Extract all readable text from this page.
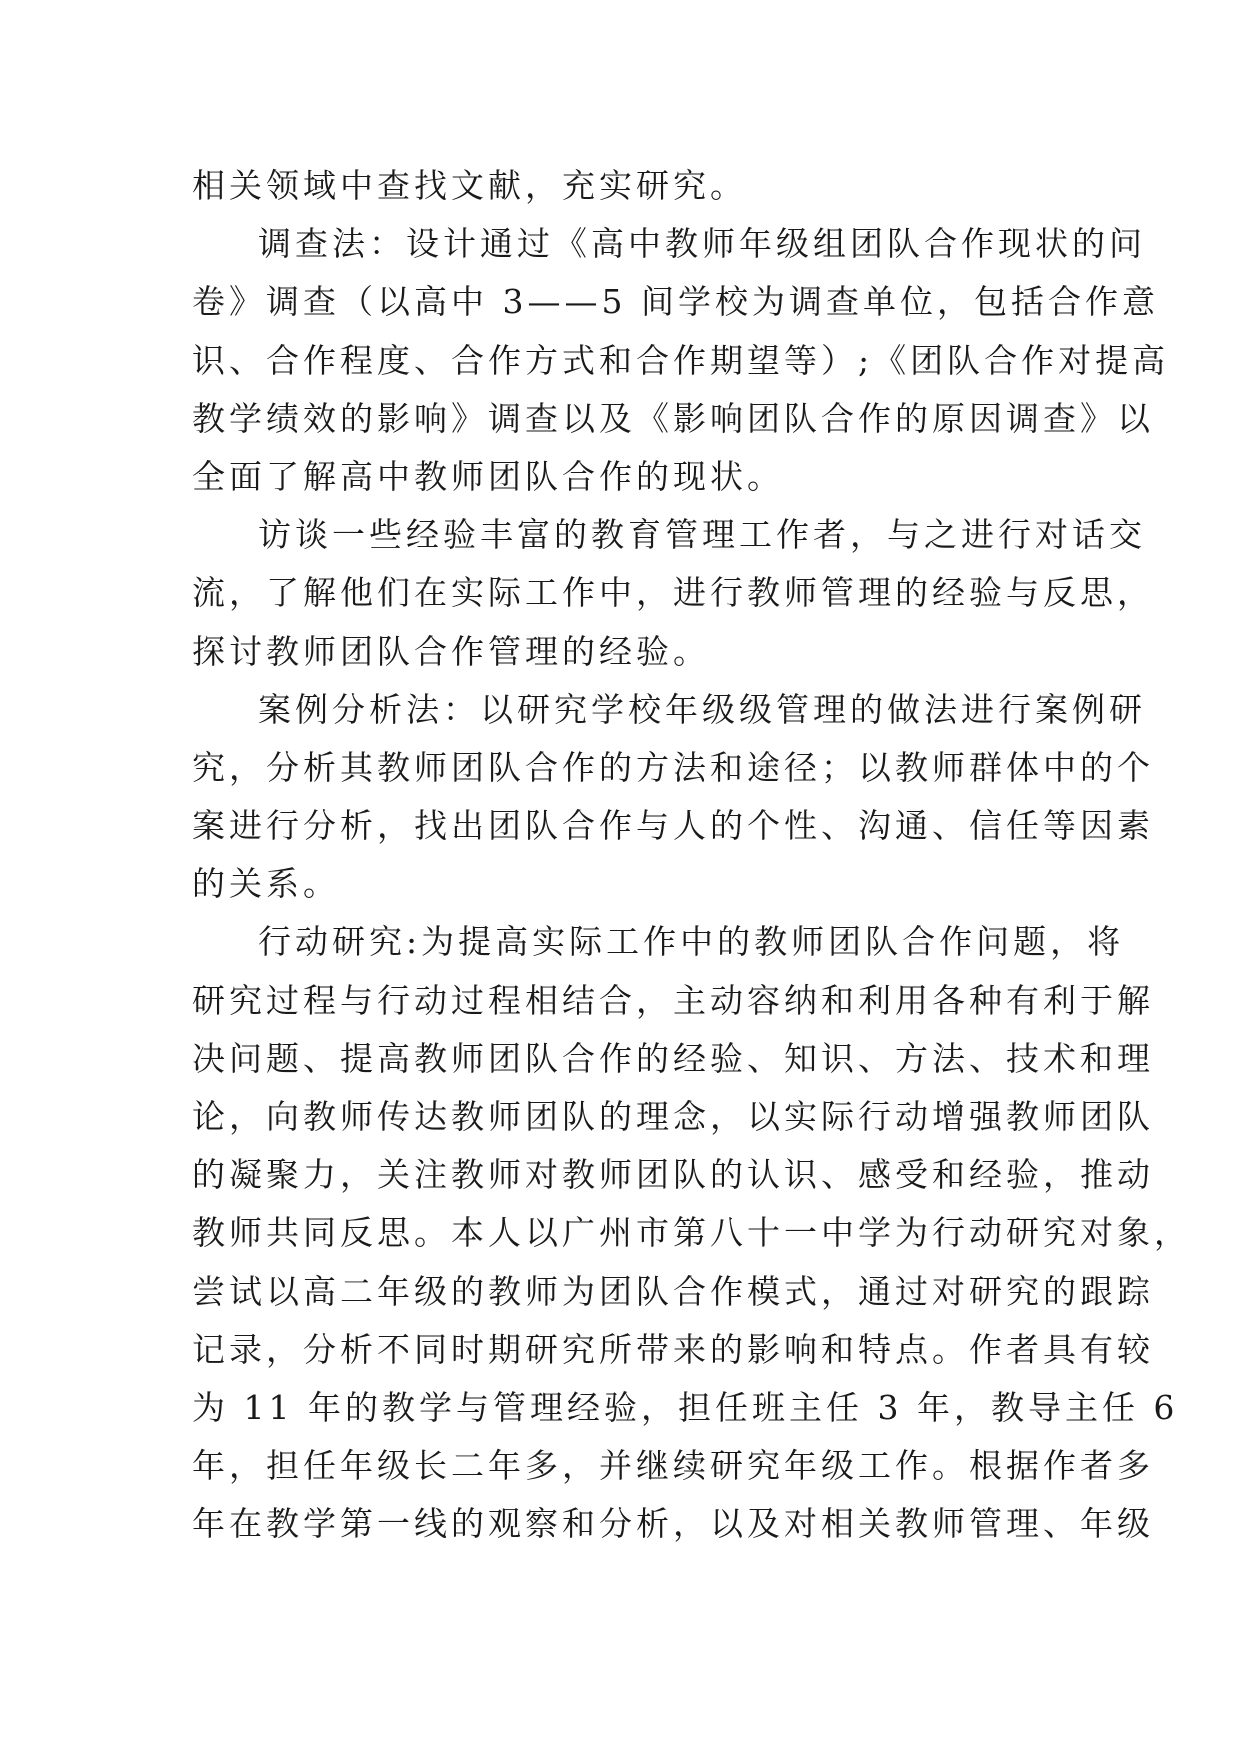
相关领域中查找文献，充实研究。
调查法：设计通过《高中教师年级组团队合作现状的问
卷》调查（以高中 3——5 间学校为调查单位，包括合作意
识、合作程度、合作方式和合作期望等）;《团队合作对提高
教学绩效的影响》调查以及《影响团队合作的原因调查》以
全面了解高中教师团队合作的现状。
访谈一些经验丰富的教育管理工作者，与之进行对话交
流，了解他们在实际工作中，进行教师管理的经验与反思，
探讨教师团队合作管理的经验。
案例分析法：以研究学校年级级管理的做法进行案例研
究，分析其教师团队合作的方法和途径；以教师群体中的个
案进行分析，找出团队合作与人的个性、沟通、信任等因素
的关系。
行动研究:为提高实际工作中的教师团队合作问题，将
研究过程与行动过程相结合，主动容纳和利用各种有利于解
决问题、提高教师团队合作的经验、知识、方法、技术和理
论，向教师传达教师团队的理念，以实际行动增强教师团队
的凝聚力，关注教师对教师团队的认识、感受和经验，推动
教师共同反思。本人以广州市第八十一中学为行动研究对象，
尝试以高二年级的教师为团队合作模式，通过对研究的跟踪
记录，分析不同时期研究所带来的影响和特点。作者具有较
为 11 年的教学与管理经验，担任班主任 3 年，教导主任 6
年，担任年级长二年多，并继续研究年级工作。根据作者多
年在教学第一线的观察和分析，以及对相关教师管理、年级
